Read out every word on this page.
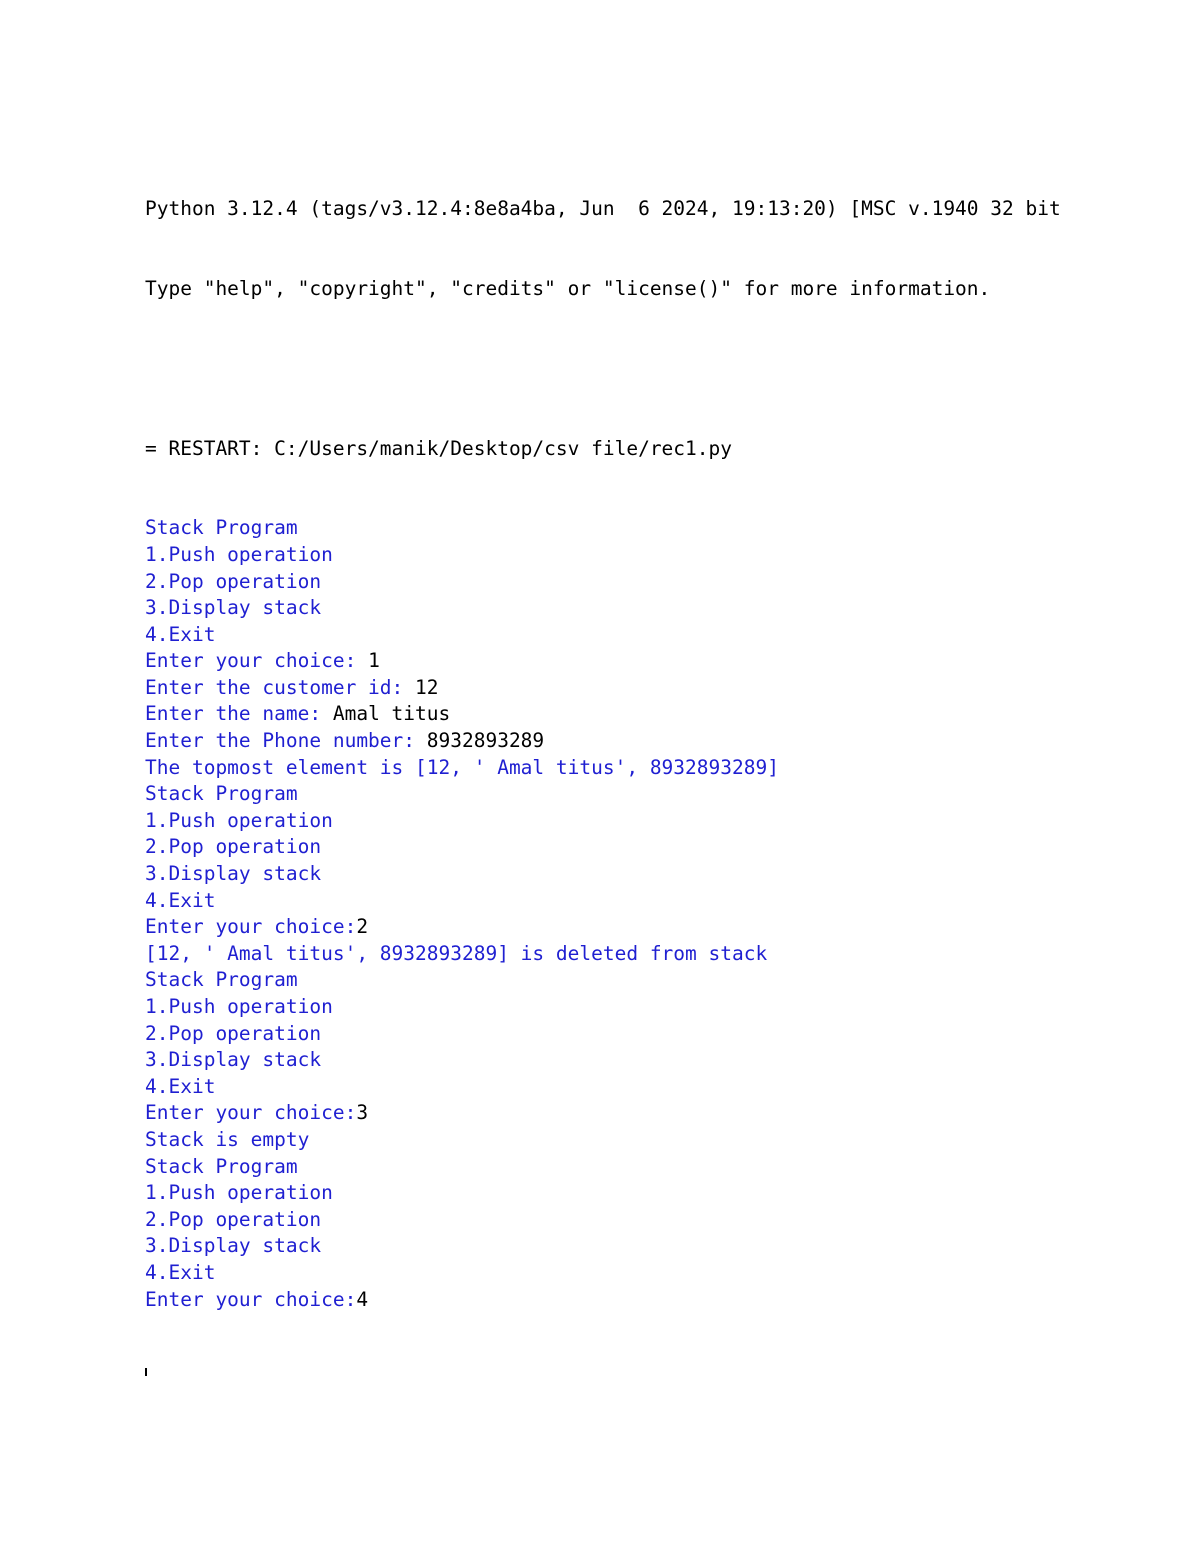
Python 3.12.4 (tags/v3.12.4:8e8a4ba, Jun  6 2024, 19:13:20) [MSC v.1940 32 bit

Type "help", "copyright", "credits" or "license()" for more information.

= RESTART: C:/Users/manik/Desktop/csv file/rec1.py

Stack Program
1.Push operation
2.Pop operation
3.Display stack
4.Exit
Enter your choice: 1
Enter the customer id: 12
Enter the name: Amal titus
Enter the Phone number: 8932893289
The topmost element is [12, ' Amal titus', 8932893289]
Stack Program
1.Push operation
2.Pop operation
3.Display stack
4.Exit
Enter your choice:2
[12, ' Amal titus', 8932893289] is deleted from stack
Stack Program
1.Push operation
2.Pop operation
3.Display stack
4.Exit
Enter your choice:3
Stack is empty
Stack Program
1.Push operation
2.Pop operation
3.Display stack
4.Exit
Enter your choice:4
